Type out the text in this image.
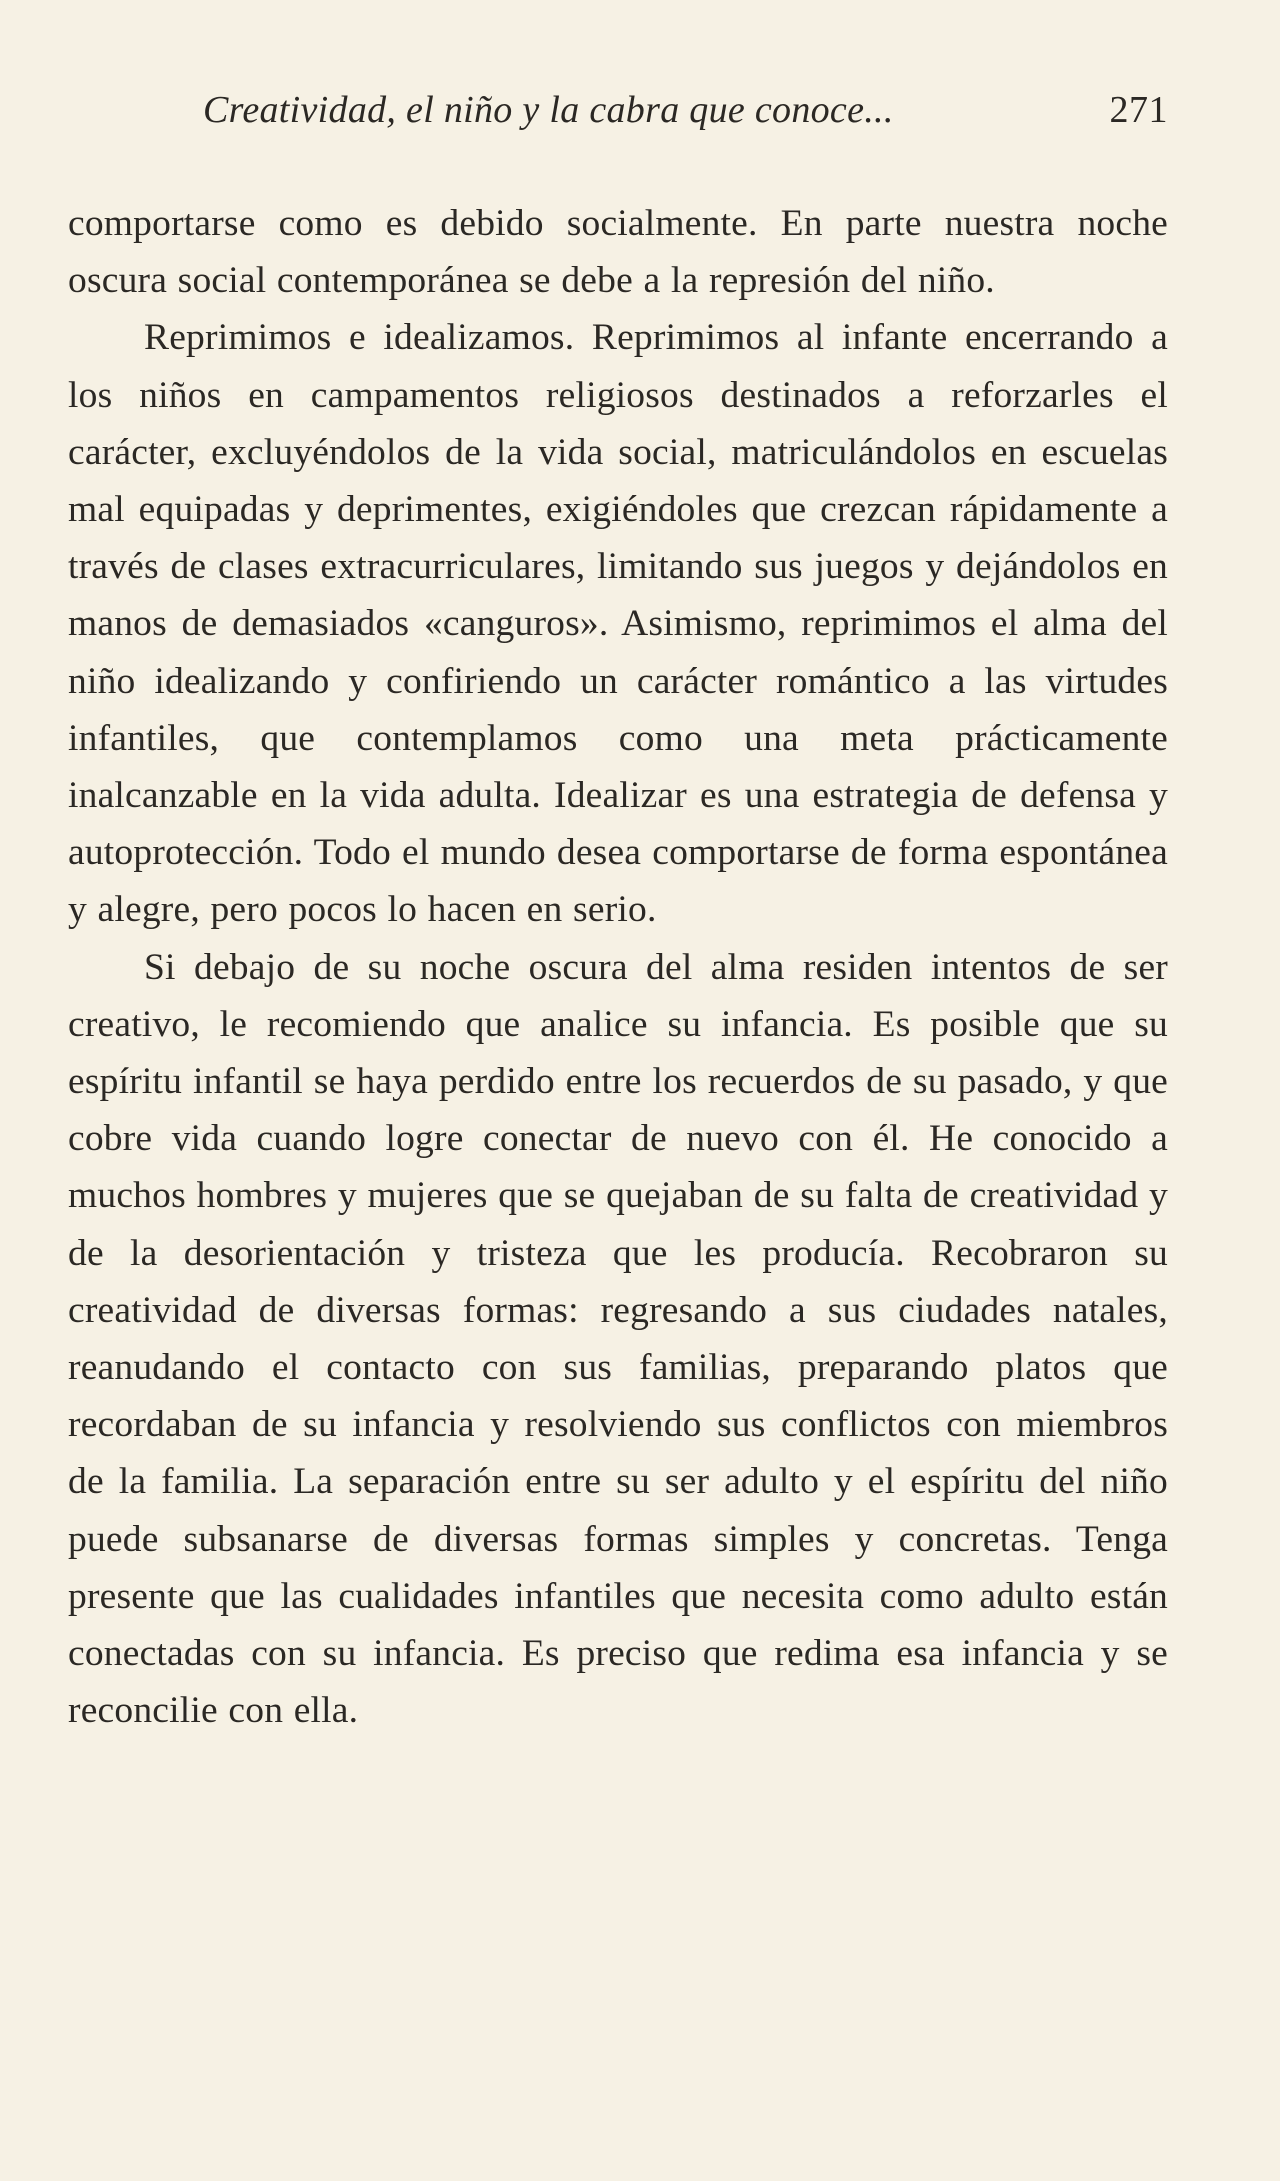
Creatividad, el niño y la cabra que conoce...	271

comportarse como es debido socialmente. En parte nuestra noche oscura social contemporánea se debe a la represión del niño.

Reprimimos e idealizamos. Reprimimos al infante encerrando a los niños en campamentos religiosos destinados a reforzarles el carácter, excluyéndolos de la vida social, matriculándolos en escuelas mal equipadas y deprimentes, exigiéndoles que crezcan rápidamente a través de clases extracurriculares, limitando sus juegos y dejándolos en manos de demasiados «canguros». Asimismo, reprimimos el alma del niño idealizando y confiriendo un carácter romántico a las virtudes infantiles, que contemplamos como una meta prácticamente inalcanzable en la vida adulta. Idealizar es una estrategia de defensa y autoprotección. Todo el mundo desea comportarse de forma espontánea y alegre, pero pocos lo hacen en serio.

Si debajo de su noche oscura del alma residen intentos de ser creativo, le recomiendo que analice su infancia. Es posible que su espíritu infantil se haya perdido entre los recuerdos de su pasado, y que cobre vida cuando logre conectar de nuevo con él. He conocido a muchos hombres y mujeres que se quejaban de su falta de creatividad y de la desorientación y tristeza que les producía. Recobraron su creatividad de diversas formas: regresando a sus ciudades natales, reanudando el contacto con sus familias, preparando platos que recordaban de su infancia y resolviendo sus conflictos con miembros de la familia. La separación entre su ser adulto y el espíritu del niño puede subsanarse de diversas formas simples y concretas. Tenga presente que las cualidades infantiles que necesita como adulto están conectadas con su infancia. Es preciso que redima esa infancia y se reconcilie con ella.
